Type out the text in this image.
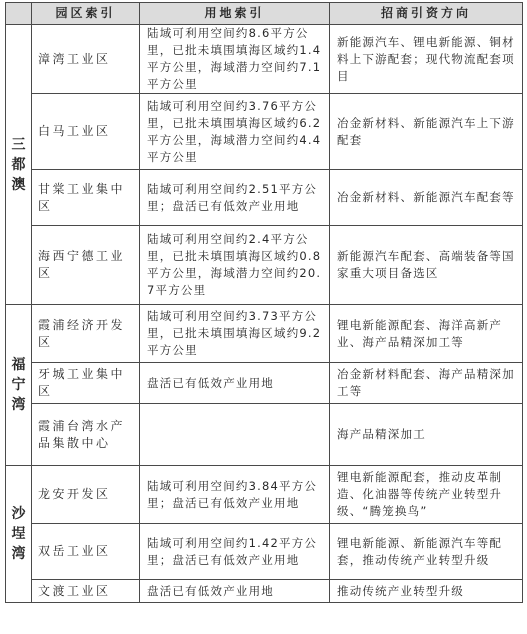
	园区索引	用地索引	招商引资方向

三都澳	漳湾工业区	陆域可利用空间约8.6平方公里，已批未填围填海区域约1.4平方公里，海域潜力空间约7.1平方公里	新能源汽车、锂电新能源、铜材料上下游配套；现代物流配套项目
	白马工业区	陆域可利用空间约3.76平方公里，已批未填围填海区域约6.2平方公里，海域潜力空间约4.4平方公里	冶金新材料、新能源汽车上下游配套
	甘棠工业集中区	陆域可利用空间约2.51平方公里；盘活已有低效产业用地	冶金新材料、新能源汽车配套等
	海西宁德工业区	陆域可利用空间约2.4平方公里，已批未填围填海区域约0.8平方公里，海域潜力空间约20.7平方公里	新能源汽车配套、高端装备等国家重大项目备选区

福宁湾	霞浦经济开发区	陆域可利用空间约3.73平方公里，已批未填围填海区域约9.2平方公里	锂电新能源配套、海洋高新产业、海产品精深加工等
	牙城工业集中区	盘活已有低效产业用地	冶金新材料配套、海产品精深加工等
	霞浦台湾水产品集散中心		海产品精深加工

沙埕湾	龙安开发区	陆域可利用空间约3.84平方公里；盘活已有低效产业用地	锂电新能源配套，推动皮革制造、化油器等传统产业转型升级、“腾笼换鸟”
	双岳工业区	陆域可利用空间约1.42平方公里；盘活已有低效产业用地	锂电新能源、新能源汽车等配套，推动传统产业转型升级
	文渡工业区	盘活已有低效产业用地	推动传统产业转型升级
